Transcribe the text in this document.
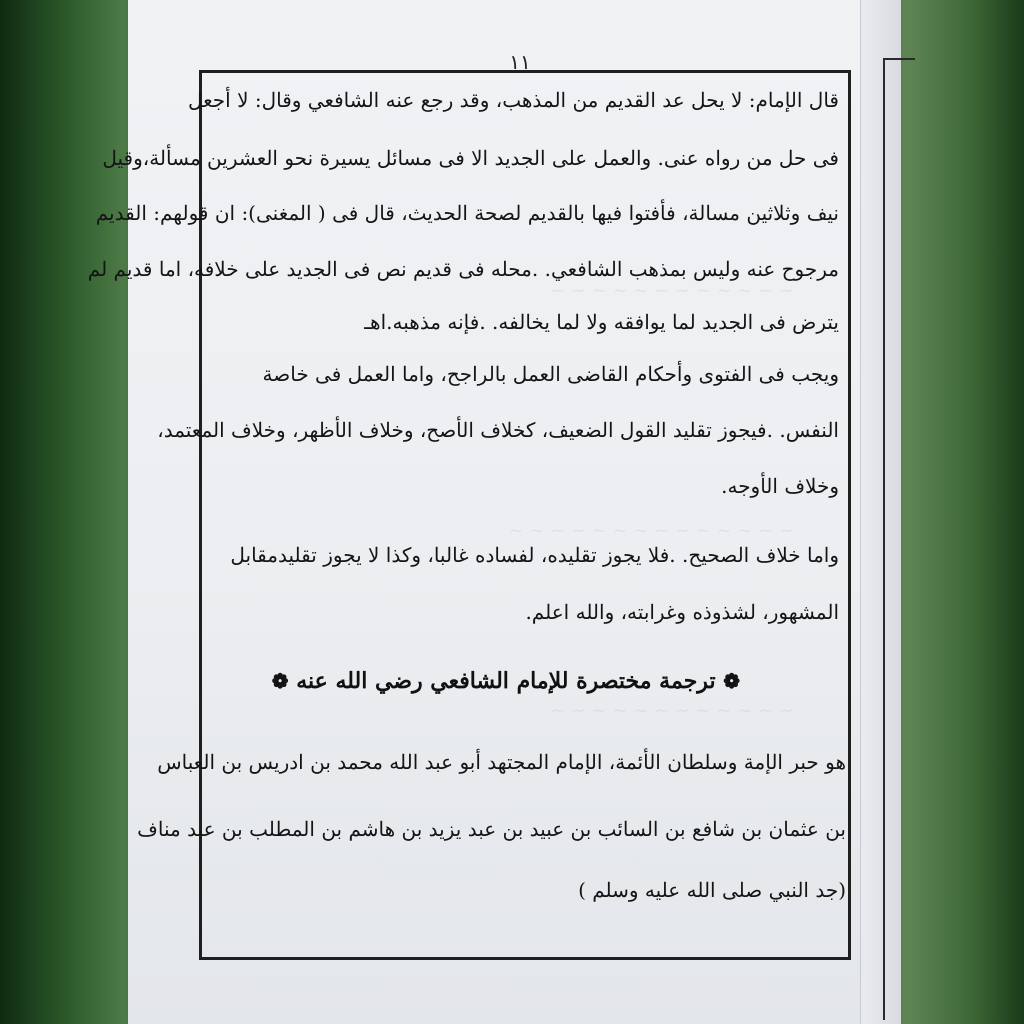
~ ~ ~ ~ ~ ~ ~ ~ ~ ~ ~ ~
~ ~ ~ ~ ~ ~ ~ ~ ~ ~ ~ ~ ~ ~
~ ~ ~ ~ ~ ~ ~ ~ ~ ~ ~ ~
١١
قال الإمام: لا يحل عد القديم من المذهب، وقد رجع عنه الشافعي وقال: لا أجعل
فى حل من رواه عنى. والعمل على الجديد الا فى مسائل يسيرة نحو العشرين مسألة،وقيل
نيف وثلاثين مسالة، فأفتوا فيها بالقديم لصحة الحديث، قال فى ( المغنى): ان قولهم: القديم
مرجوح عنه وليس بمذهب الشافعي. .محله فى قديم نص فى الجديد على خلافه، اما قديم لم
يترض فى الجديد لما يوافقه ولا لما يخالفه. .فإنه مذهبه.اهـ
ويجب فى الفتوى وأحكام القاضى العمل بالراجح، واما العمل فى خاصة
النفس. .فيجوز تقليد القول الضعيف، كخلاف الأصح، وخلاف الأظهر، وخلاف المعتمد،
وخلاف الأوجه.
واما خلاف الصحيح. .فلا يجوز تقليده، لفساده غالبا، وكذا لا يجوز تقليدمقابل
المشهور، لشذوذه وغرابته، والله اعلم.
❁ ترجمة مختصرة للإمام الشافعي رضي الله عنه ❁
هو حبر الإمة وسلطان الأئمة، الإمام المجتهد أبو عبد الله محمد بن ادريس بن العباس
بن عثمان بن شافع بن السائب بن عبيد بن عبد يزيد بن هاشم بن المطلب بن عبد مناف
(جد النبي صلى الله عليه وسلم )
